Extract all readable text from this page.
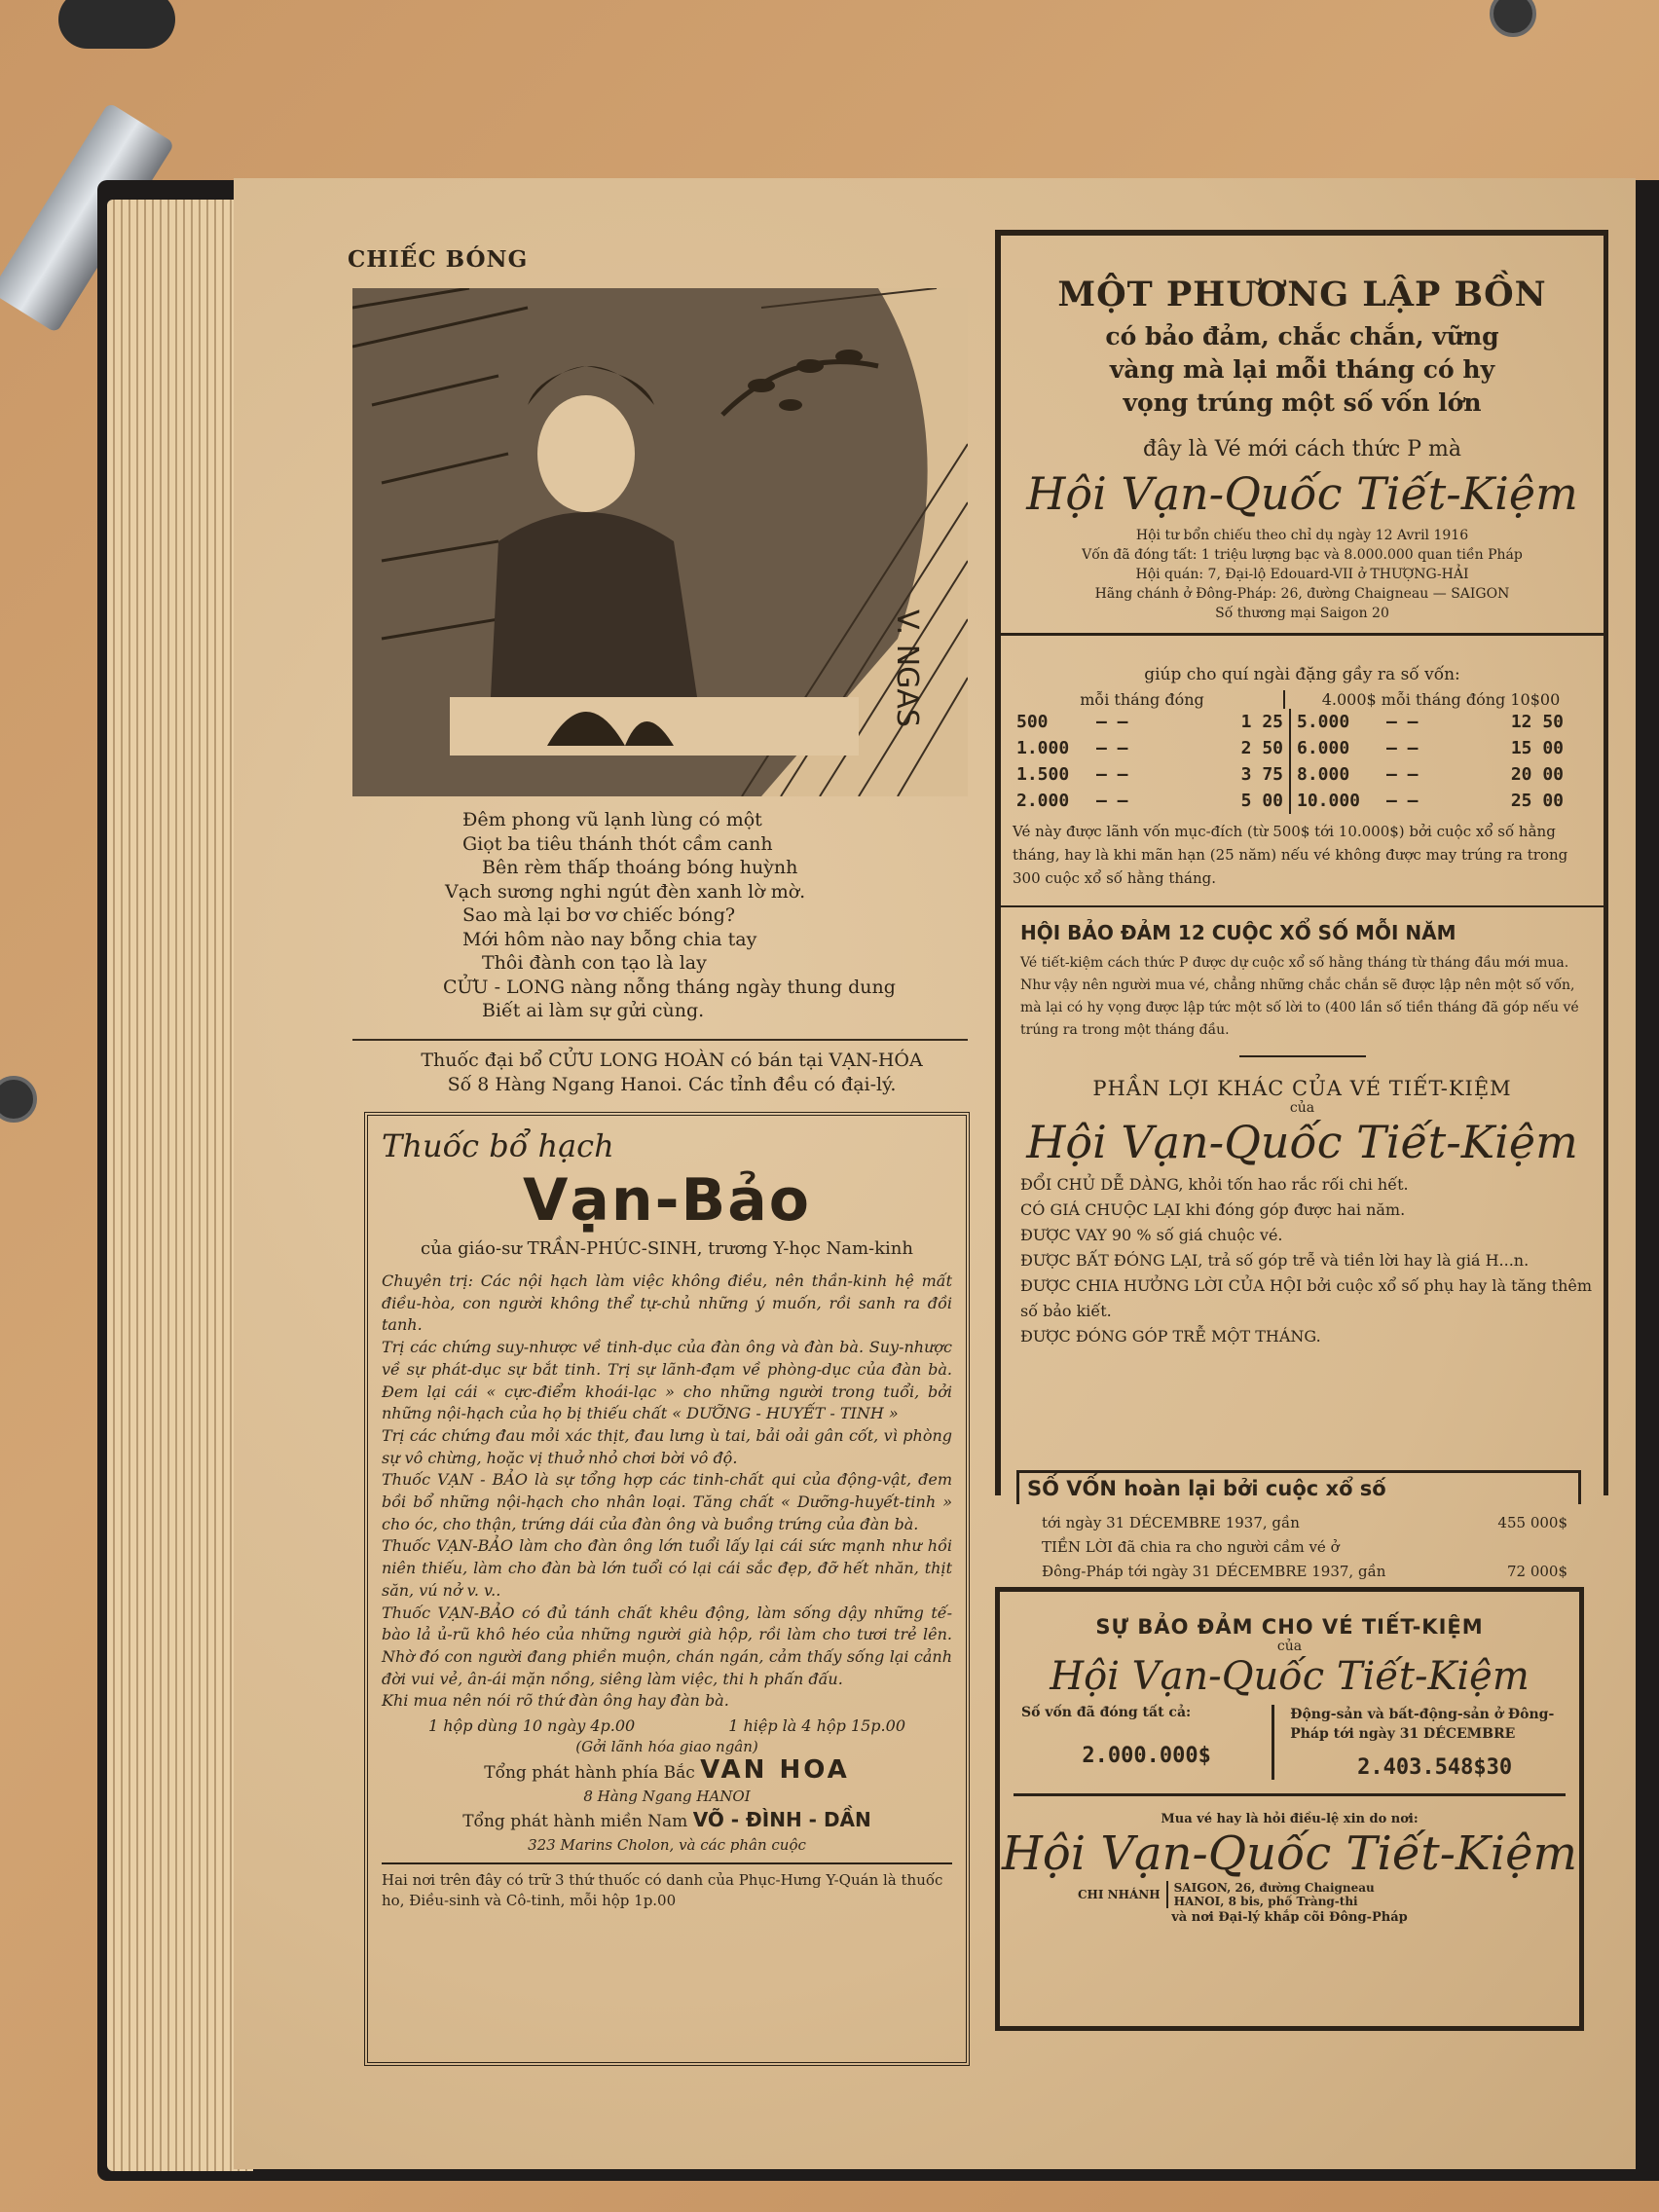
CHIẾC BÓNG
V. NGAS
Đêm phong vũ lạnh lùng có một
Giọt ba tiêu thánh thót cầm canh
Bên rèm thấp thoáng bóng huỳnh
Vạch sương nghi ngút đèn xanh lờ mờ.
Sao mà lại bơ vơ chiếc bóng?
Mới hôm nào nay bỗng chia tay
Thôi đành con tạo là lay
CỬU - LONG nàng nỗng tháng ngày thung dung
Biết ai làm sự gửi cùng.
Thuốc đại bổ CỬU LONG HOÀN có bán tại VẠN-HÓA
Số 8 Hàng Ngang Hanoi. Các tỉnh đều có đại-lý.
Thuốc bổ hạch
Vạn-Bảo
của giáo-sư TRẦN-PHÚC-SINH, trương Y-học Nam-kinh

Chuyên trị: Các nội hạch làm việc không điều, nên thần-kinh hệ mất điều-hòa, con người không thể tự-chủ những ý muốn, rồi sanh ra đồi tanh.

Trị các chứng suy-nhược về tinh-dục của đàn ông và đàn bà. Suy-nhược về sự phát-dục sự bắt tinh. Trị sự lãnh-đạm về phòng-dục của đàn bà. Đem lại cái « cực-điểm khoái-lạc » cho những người trong tuổi, bởi những nội-hạch của họ bị thiếu chất « DƯỠNG - HUYẾT - TINH »

Trị các chứng đau mỏi xác thịt, đau lưng ù tai, bải oải gân cốt, vì phòng sự vô chừng, hoặc vị thuở nhỏ chơi bời vô độ.

Thuốc VẠN - BẢO là sự tổng hợp các tinh-chất qui của động-vật, đem bồi bổ những nội-hạch cho nhân loại. Tăng chất « Dưỡng-huyết-tinh » cho óc, cho thận, trứng dái của đàn ông và buồng trứng của đàn bà.

Thuốc VẠN-BẢO làm cho đàn ông lớn tuổi lấy lại cái sức mạnh như hồi niên thiếu, làm cho đàn bà lớn tuổi có lại cái sắc đẹp, đỡ hết nhăn, thịt săn, vú nở v. v..

Thuốc VẠN-BẢO có đủ tánh chất khêu động, làm sống dậy những tế-bào lả ủ-rũ khô héo của những người già hộp, rồi làm cho tươi trẻ lên. Nhờ đó con người đang phiền muộn, chán ngán, cảm thấy sống lại cảnh đời vui vẻ, ân-ái mặn nồng, siêng làm việc, thi h phấn đấu.

Khi mua nên nói rõ thứ đàn ông hay đàn bà.

1 hộp dùng 10 ngày 4p.00	1 hiệp là 4 hộp 15p.00
(Gởi lãnh hóa giao ngân)
Tổng phát hành phía Bắc VAN HOA
8 Hàng Ngang HANOI
Tổng phát hành miền Nam VÕ - ĐÌNH - DẦN
323 Marins Cholon, và các phân cuộc
Hai nơi trên đây có trữ 3 thứ thuốc có danh của Phục-Hưng Y-Quán là thuốc ho, Điều-sinh và Cô-tinh, mỗi hộp 1p.00
MỘT PHƯƠNG LẬP BỒN
có bảo đảm, chắc chắn, vững
vàng mà lại mỗi tháng có hy
vọng trúng một số vốn lớn
đây là Vé mới cách thức P mà
Hội Vạn-Quốc Tiết-Kiệm
Hội tư bổn chiếu theo chỉ dụ ngày 12 Avril 1916
Vốn đã đóng tất: 1 triệu lượng bạc và 8.000.000 quan tiền Pháp
Hội quán: 7, Đại-lộ Edouard-VII ở THƯỢNG-HẢI
Hãng chánh ở Đông-Pháp: 26, đường Chaigneau — SAIGON
Số thương mại Saigon 20
giúp cho quí ngài đặng gầy ra số vốn:
mỗi tháng đóng	4.000$ mỗi tháng đóng 10$00
500	— —	1 25	5.000	— —	12 50
1.000	— —	2 50	6.000	— —	15 00
1.500	— —	3 75	8.000	— —	20 00
2.000	— —	5 00	10.000	— —	25 00
Vé này được lãnh vốn mục-đích (từ 500$ tới 10.000$) bởi cuộc xổ số hằng tháng, hay là khi mãn hạn (25 năm) nếu vé không được may trúng ra trong 300 cuộc xổ số hằng tháng.
HỘI BẢO ĐẢM 12 CUỘC XỔ SỐ MỖI NĂM
Vé tiết-kiệm cách thức P được dự cuộc xổ số hằng tháng từ tháng đầu mới mua. Như vậy nên người mua vé, chẳng những chắc chắn sẽ được lập nên một số vốn, mà lại có hy vọng được lập tức một số lời to (400 lần số tiền tháng đã góp nếu vé trúng ra trong một tháng đầu.
PHẦN LỢI KHÁC CỦA VÉ TIẾT-KIỆM
của
Hội Vạn-Quốc Tiết-Kiệm
ĐỔI CHỦ DỄ DÀNG, khỏi tốn hao rắc rối chi hết.
CÓ GIÁ CHUỘC LẠI khi đóng góp được hai năm.
ĐƯỢC VAY 90 % số giá chuộc vé.
ĐƯỢC BẤT ĐÓNG LẠI, trả số góp trễ và tiền lời hay là giá H...n.
ĐƯỢC CHIA HƯỞNG LỜI CỦA HỘI bởi cuộc xổ số phụ hay là tăng thêm số bảo kiết.
ĐƯỢC ĐÓNG GÓP TRỄ MỘT THÁNG.
SỐ VỐN hoàn lại bởi cuộc xổ số
tới ngày 31 DÉCEMBRE 1937, gần	455 000$
TIỀN LỜI đã chia ra cho người cầm vé ở
Đông-Pháp tới ngày 31 DÉCEMBRE 1937, gần	72 000$
SỰ BẢO ĐẢM CHO VÉ TIẾT-KIỆM
của
Hội Vạn-Quốc Tiết-Kiệm
Số vốn đã đóng tất cả:
2.000.000$
Động-sản và bất-động-sản ở Đông-Pháp tới ngày 31 DÉCEMBRE
2.403.548$30
Mua vé hay là hỏi điều-lệ xin do nơi:
Hội Vạn-Quốc Tiết-Kiệm
CHI NHÁNH SAIGON, 26, đường Chaigneau
HANOI, 8 bis, phố Tràng-thi
và nơi Đại-lý khắp cõi Đông-Pháp
